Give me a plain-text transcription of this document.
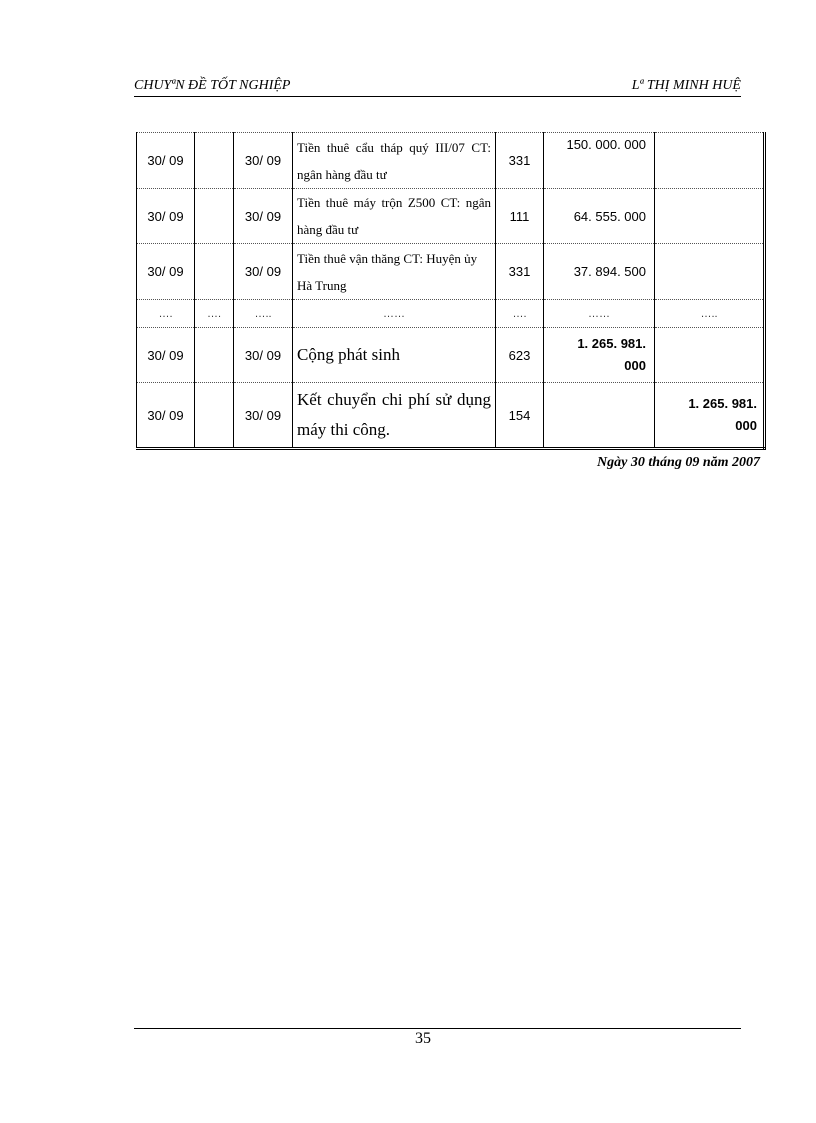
CHUYªN ĐỀ TỐT NGHIỆP	Lª THỊ MINH HUỆ
30/ 09		30/ 09	Tiền thuê cẩu tháp quý III/07 CT: ngân hàng đầu tư	331	150. 000. 000	
30/ 09		30/ 09	Tiền thuê máy trộn Z500 CT: ngân hàng đầu tư	111	64. 555. 000	
30/ 09		30/ 09	Tiền thuê vận thăng CT: Huyện ủy Hà Trung	331	37. 894. 500	
….	….	…..	……	….	……	…..
30/ 09		30/ 09	Cộng phát sinh	623	1. 265. 981. 000	
30/ 09		30/ 09	Kết chuyển chi phí sử dụng máy thi công.	154		1. 265. 981. 000
Ngày 30 tháng 09 năm 2007
35
